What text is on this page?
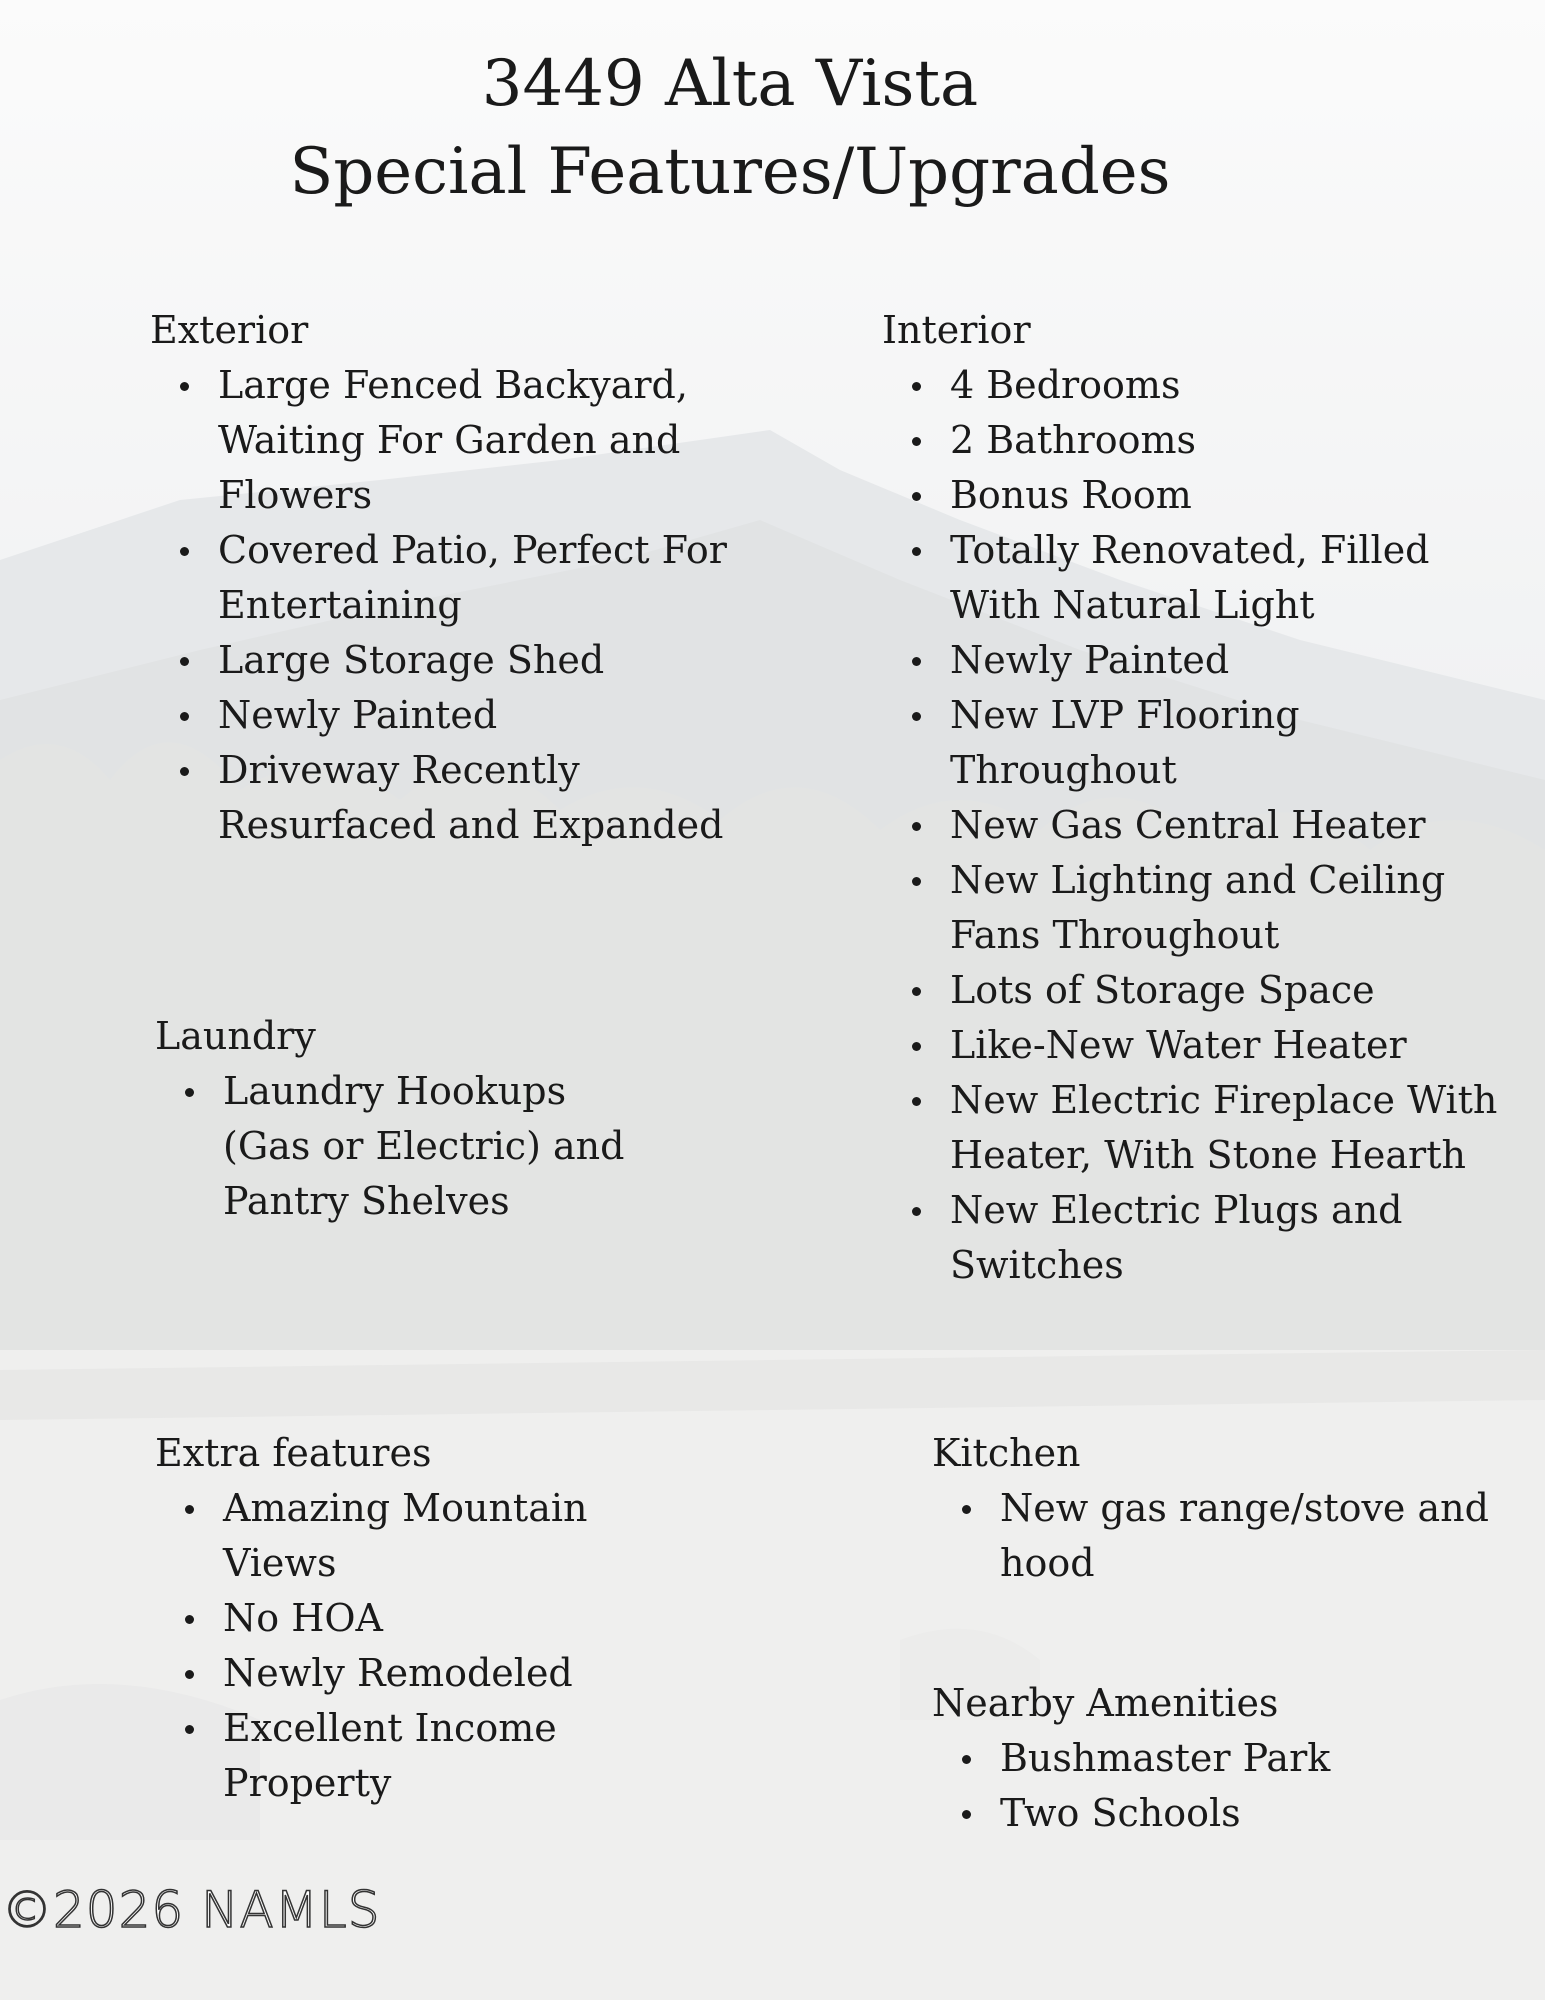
3449 Alta Vista
Special Features/Upgrades
Exterior
Large Fenced Backyard, Waiting For Garden and Flowers
Covered Patio, Perfect For Entertaining
Large Storage Shed
Newly Painted
Driveway Recently Resurfaced and Expanded
Interior
4 Bedrooms
2 Bathrooms
Bonus Room
Totally Renovated, Filled With Natural Light
Newly Painted
New LVP Flooring Throughout
New Gas Central Heater
New Lighting and Ceiling Fans Throughout
Lots of Storage Space
Like-New Water Heater
New Electric Fireplace With Heater, With Stone Hearth
New Electric Plugs and Switches
Laundry
Laundry Hookups (Gas or Electric) and Pantry Shelves
Extra features
Amazing Mountain Views
No HOA
Newly Remodeled
Excellent Income Property
Kitchen
New gas range/stove and hood
Nearby Amenities
Bushmaster Park
Two Schools
©2026 NAMLS
